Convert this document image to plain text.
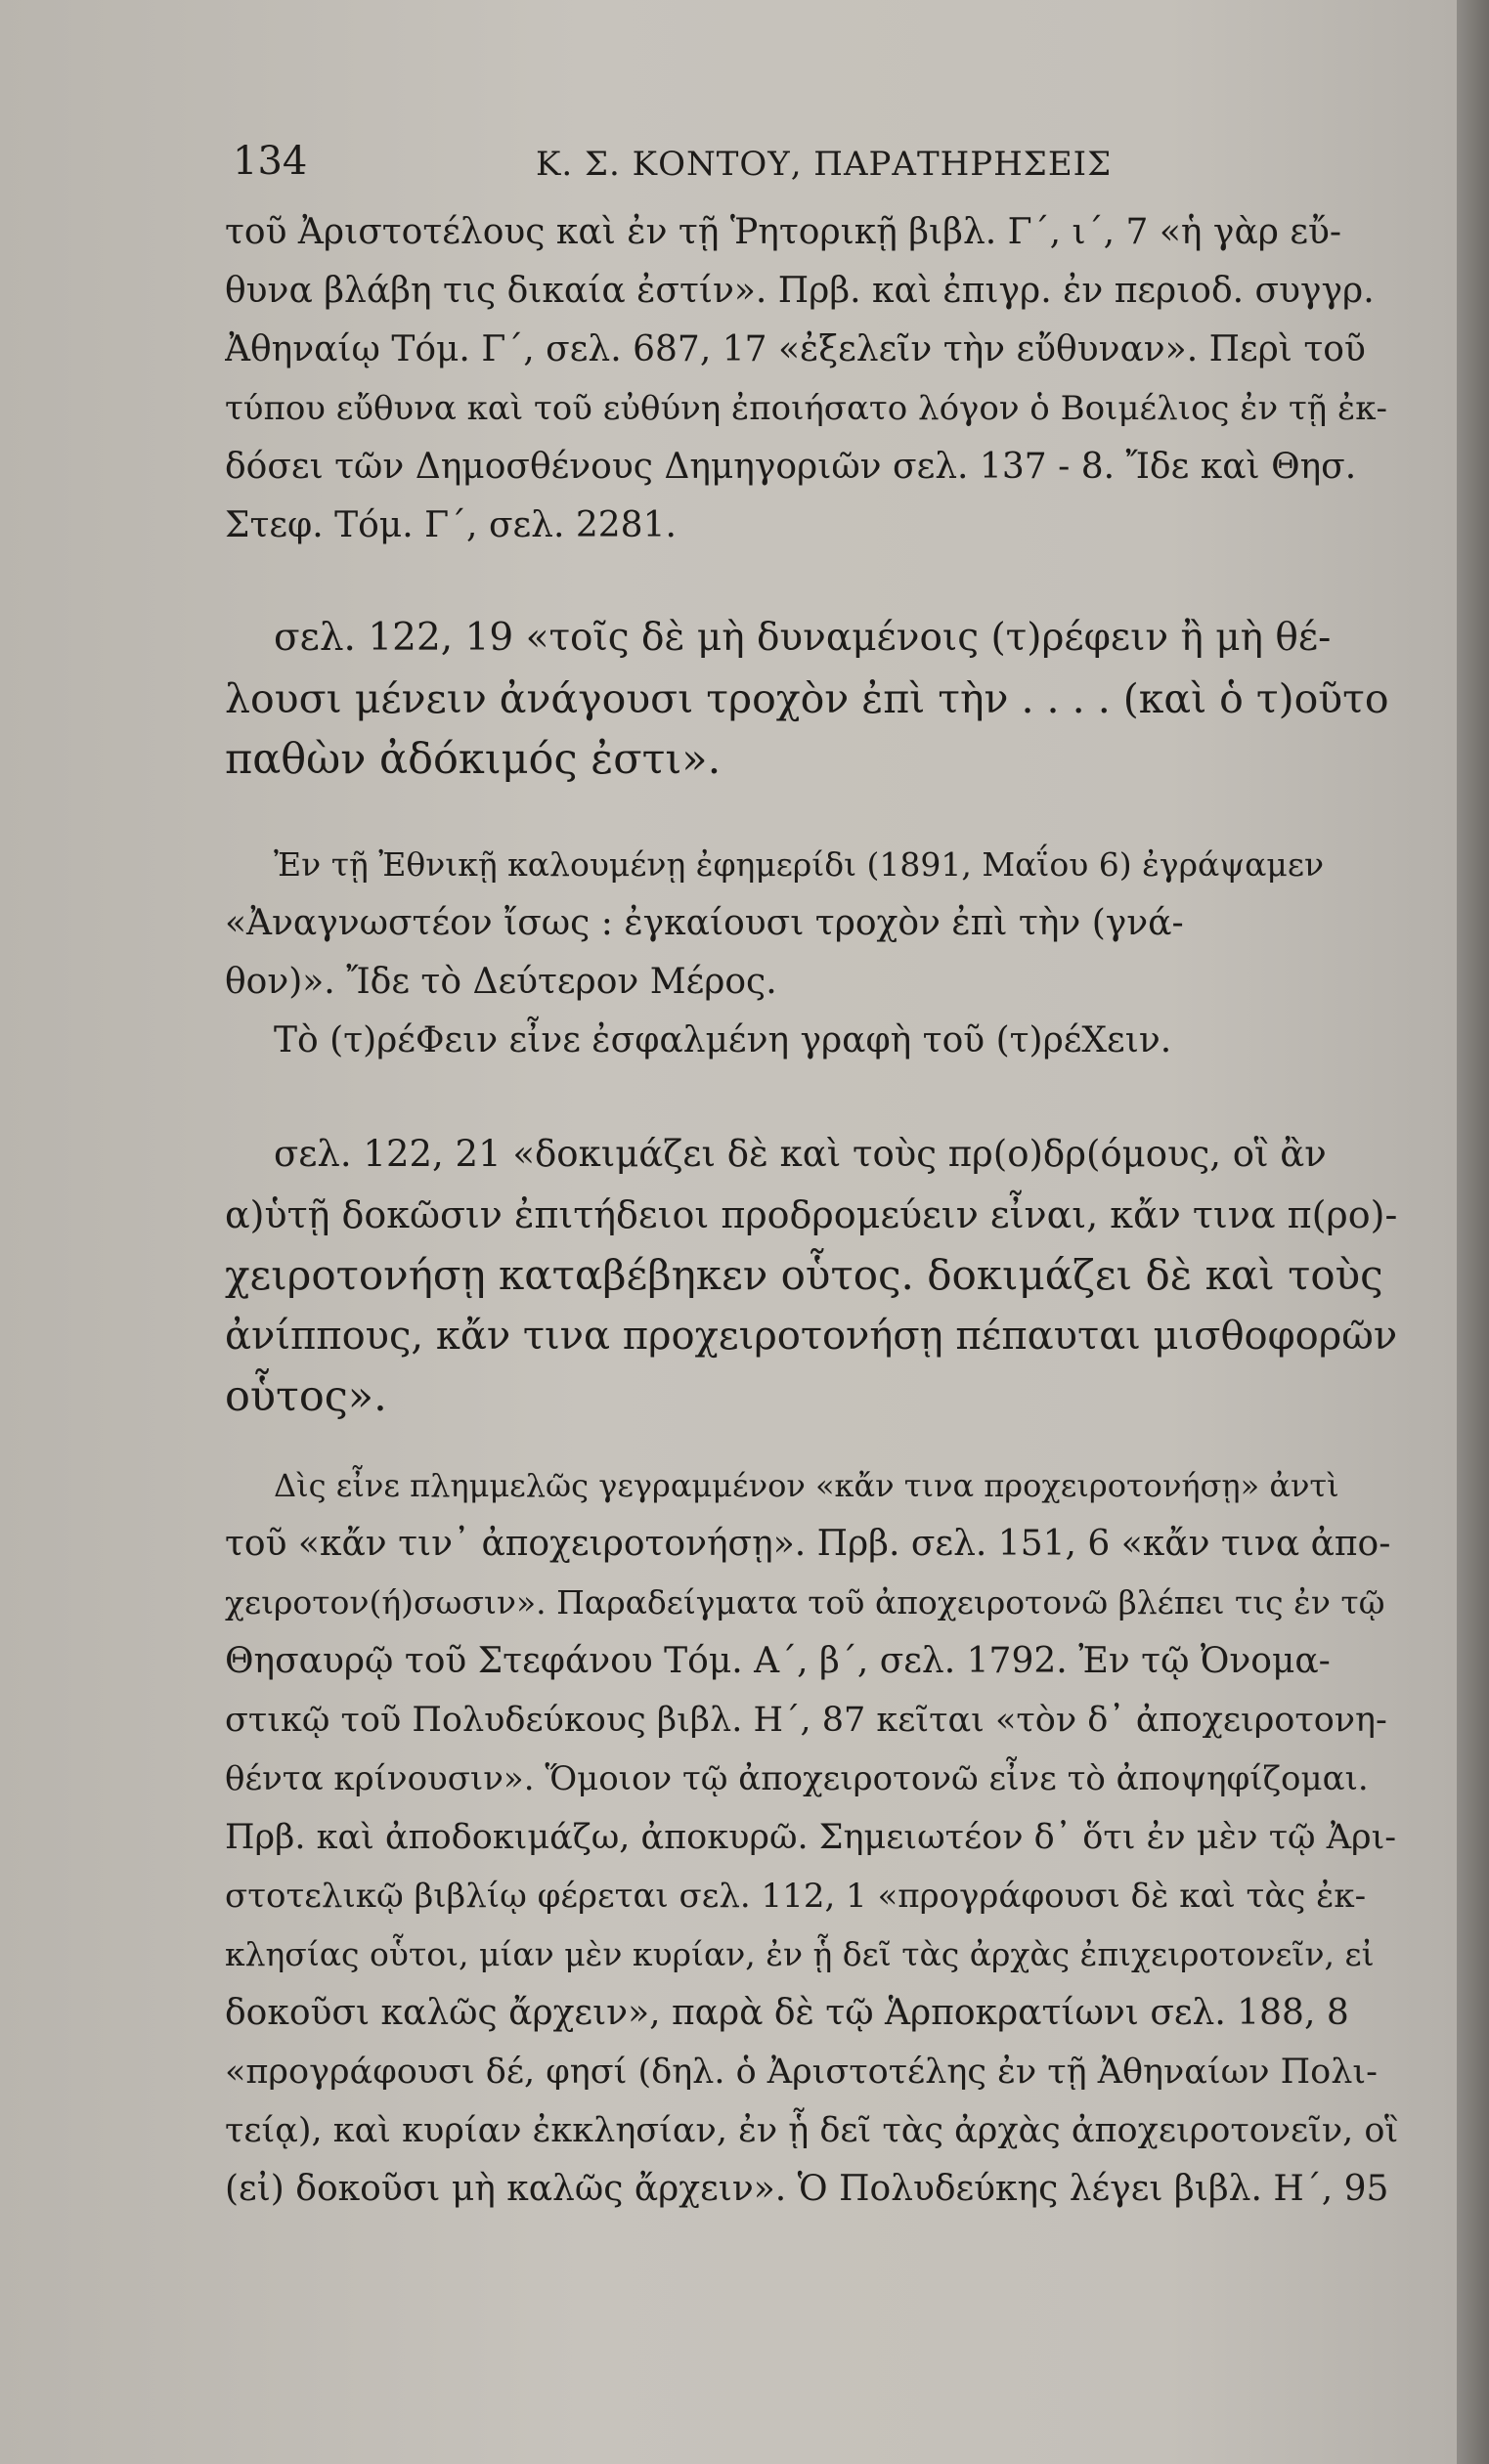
134	Κ. Σ. ΚΟΝΤΟΥ, ΠΑΡΑΤΗΡΗΣΕΙΣ
τοῦ Ἀριστοτέλους καὶ ἐν τῇ Ῥητορικῇ βιβλ. Γ΄, ι΄, 7 «ἡ γὰρ εὔ-
θυνα βλάβη τις δικαία ἐστίν». Πρβ. καὶ ἐπιγρ. ἐν περιοδ. συγγρ.
Ἀθηναίῳ Τόμ. Γ΄, σελ. 687, 17 «ἐξελεῖν τὴν εὔθυναν». Περὶ τοῦ
τύπου εὔθυνα καὶ τοῦ εὐθύνη ἐποιήσατο λόγον ὁ Βοιμέλιος ἐν τῇ ἐκ-
δόσει τῶν Δημοσθένους Δημηγοριῶν σελ. 137 - 8. Ἴδε καὶ Θησ.
Στεφ. Τόμ. Γ΄, σελ. 2281.
σελ. 122, 19 «τοῖς δὲ μὴ δυναμένοις (τ)ρέφειν ἢ μὴ θέ-
λουσι μένειν ἀνάγουσι τροχὸν ἐπὶ τὴν . . . . (καὶ ὁ τ)οῦτο
παθὼν ἀδόκιμός ἐστι».
Ἐν τῇ Ἐθνικῇ καλουμένῃ ἐφημερίδι (1891, Μαΐου 6) ἐγράψαμεν
«Ἀναγνωστέον ἴσως : ἐγκαίουσι τροχὸν ἐπὶ τὴν (γνά-
θον)». Ἴδε τὸ Δεύτερον Μέρος.
Τὸ (τ)ρέΦειν εἶνε ἐσφαλμένη γραφὴ τοῦ (τ)ρέΧειν.
σελ. 122, 21 «δοκιμάζει δὲ καὶ τοὺς πρ(ο)δρ(όμους, οἳ ἂν
α)ὑτῇ δοκῶσιν ἐπιτήδειοι προδρομεύειν εἶναι, κἄν τινα π(ρο)-
χειροτονήσῃ καταβέβηκεν οὗτος. δοκιμάζει δὲ καὶ τοὺς
ἀνίππους, κἄν τινα προχειροτονήσῃ πέπαυται μισθοφορῶν
οὗτος».
Δὶς εἶνε πλημμελῶς γεγραμμένον «κἄν τινα προχειροτονήσῃ» ἀντὶ
τοῦ «κἄν τιν᾽ ἀποχειροτονήσῃ». Πρβ. σελ. 151, 6 «κἄν τινα ἀπο-
χειροτον(ή)σωσιν». Παραδείγματα τοῦ ἀποχειροτονῶ βλέπει τις ἐν τῷ
Θησαυρῷ τοῦ Στεφάνου Τόμ. Α΄, β΄, σελ. 1792. Ἐν τῷ Ὀνομα-
στικῷ τοῦ Πολυδεύκους βιβλ. Η΄, 87 κεῖται «τὸν δ᾽ ἀποχειροτονη-
θέντα κρίνουσιν». Ὅμοιον τῷ ἀποχειροτονῶ εἶνε τὸ ἀποψηφίζομαι.
Πρβ. καὶ ἀποδοκιμάζω, ἀποκυρῶ. Σημειωτέον δ᾽ ὅτι ἐν μὲν τῷ Ἀρι-
στοτελικῷ βιβλίῳ φέρεται σελ. 112, 1 «προγράφουσι δὲ καὶ τὰς ἐκ-
κλησίας οὗτοι, μίαν μὲν κυρίαν, ἐν ᾗ δεῖ τὰς ἀρχὰς ἐπιχειροτονεῖν, εἰ
δοκοῦσι καλῶς ἄρχειν», παρὰ δὲ τῷ Ἁρποκρατίωνι σελ. 188, 8
«προγράφουσι δέ, φησί (δηλ. ὁ Ἀριστοτέλης ἐν τῇ Ἀθηναίων Πολι-
τείᾳ), καὶ κυρίαν ἐκκλησίαν, ἐν ᾗ δεῖ τὰς ἀρχὰς ἀποχειροτονεῖν, οἳ
(εἰ) δοκοῦσι μὴ καλῶς ἄρχειν». Ὁ Πολυδεύκης λέγει βιβλ. Η΄, 95
